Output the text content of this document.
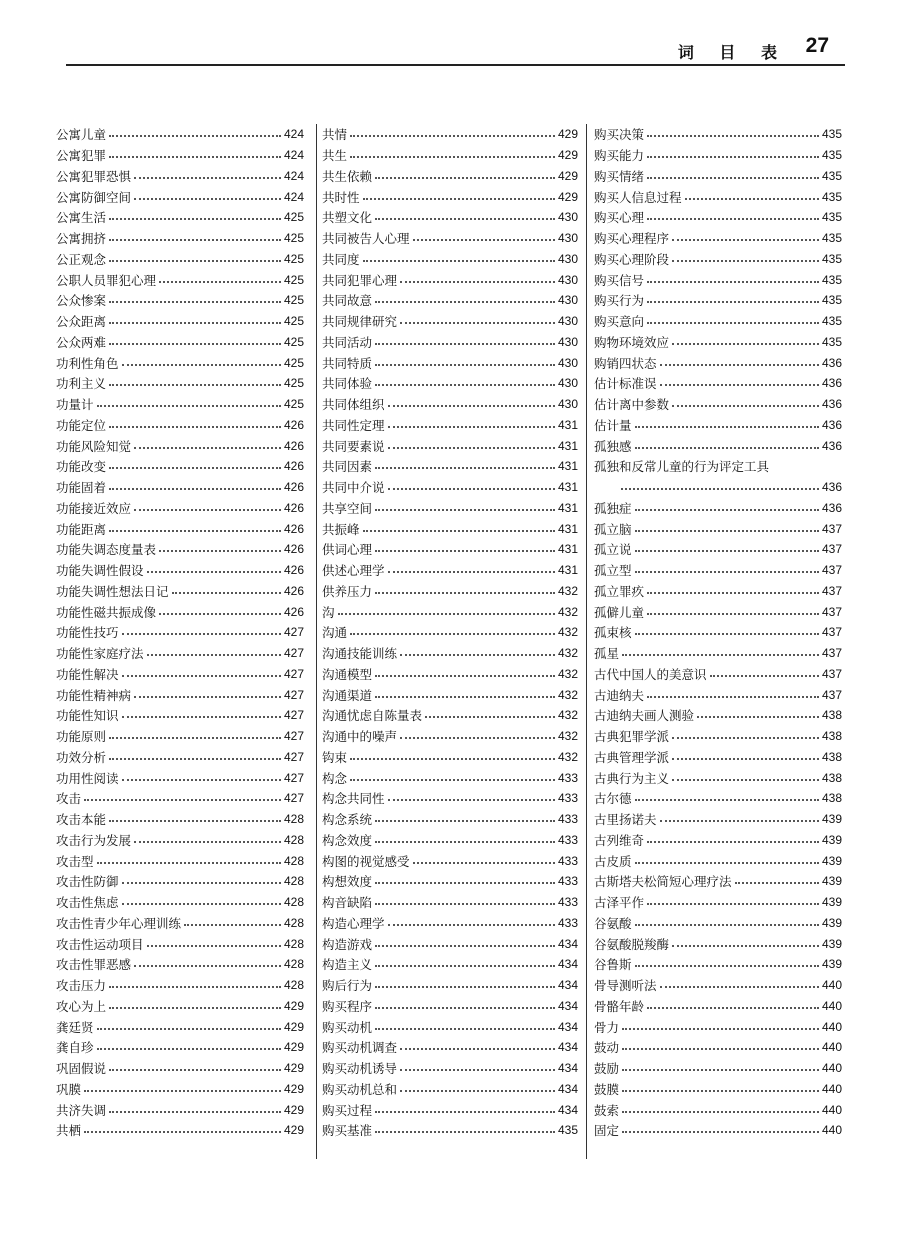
词 目 表 27
公寓儿童	424
公寓犯罪	424
公寓犯罪恐惧	424
公寓防御空间	424
公寓生活	425
公寓拥挤	425
公正观念	425
公职人员罪犯心理	425
公众惨案	425
公众距离	425
公众两难	425
功利性角色	425
功利主义	425
功量计	425
功能定位	426
功能风险知觉	426
功能改变	426
功能固着	426
功能接近效应	426
功能距离	426
功能失调态度量表	426
功能失调性假设	426
功能失调性想法日记	426
功能性磁共振成像	426
功能性技巧	427
功能性家庭疗法	427
功能性解决	427
功能性精神病	427
功能性知识	427
功能原则	427
功效分析	427
功用性阅读	427
攻击	427
攻击本能	428
攻击行为发展	428
攻击型	428
攻击性防御	428
攻击性焦虑	428
攻击性青少年心理训练	428
攻击性运动项目	428
攻击性罪恶感	428
攻击压力	428
攻心为上	429
龚廷贤	429
龚自珍	429
巩固假说	429
巩膜	429
共济失调	429
共栖	429
共情	429
共生	429
共生依赖	429
共时性	429
共塑文化	430
共同被告人心理	430
共同度	430
共同犯罪心理	430
共同故意	430
共同规律研究	430
共同活动	430
共同特质	430
共同体验	430
共同体组织	430
共同性定理	431
共同要素说	431
共同因素	431
共同中介说	431
共享空间	431
共振峰	431
供词心理	431
供述心理学	431
供养压力	432
沟	432
沟通	432
沟通技能训练	432
沟通模型	432
沟通渠道	432
沟通忧虑自陈量表	432
沟通中的噪声	432
钩束	432
构念	433
构念共同性	433
构念系统	433
构念效度	433
构图的视觉感受	433
构想效度	433
构音缺陷	433
构造心理学	433
构造游戏	434
构造主义	434
购后行为	434
购买程序	434
购买动机	434
购买动机调查	434
购买动机诱导	434
购买动机总和	434
购买过程	434
购买基准	435
购买决策	435
购买能力	435
购买情绪	435
购买人信息过程	435
购买心理	435
购买心理程序	435
购买心理阶段	435
购买信号	435
购买行为	435
购买意向	435
购物环境效应	435
购销四状态	436
估计标准误	436
估计离中参数	436
估计量	436
孤独感	436
孤独和反常儿童的行为评定工具
436
孤独症	436
孤立脑	437
孤立说	437
孤立型	437
孤立罪疚	437
孤僻儿童	437
孤束核	437
孤星	437
古代中国人的美意识	437
古迪纳夫	437
古迪纳夫画人测验	438
古典犯罪学派	438
古典管理学派	438
古典行为主义	438
古尔德	438
古里扬诺夫	439
古列维奇	439
古皮质	439
古斯塔夫松简短心理疗法	439
古泽平作	439
谷氨酸	439
谷氨酸脱羧酶	439
谷鲁斯	439
骨导测听法	440
骨骼年龄	440
骨力	440
鼓动	440
鼓励	440
鼓膜	440
鼓索	440
固定	440
